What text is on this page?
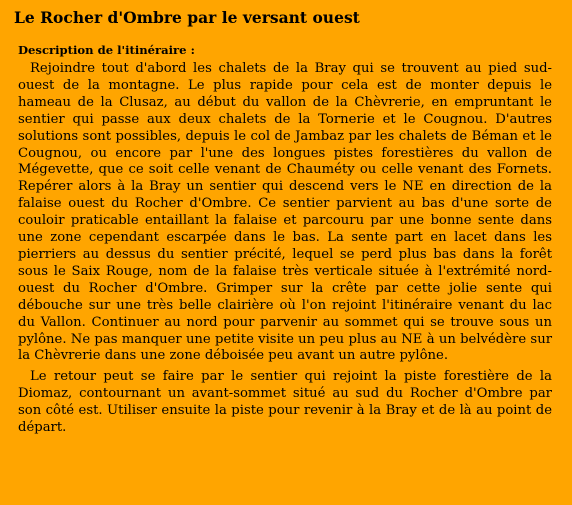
Le Rocher d'Ombre par le versant ouest
Description de l'itinéraire :

Rejoindre tout d'abord les chalets de la Bray qui se trouvent au pied sud-ouest de la montagne. Le plus rapide pour cela est de monter depuis le hameau de la Clusaz, au début du vallon de la Chèvrerie, en empruntant le sentier qui passe aux deux chalets de la Tornerie et le Cougnou. D'autres solutions sont possibles, depuis le col de Jambaz par les chalets de Béman et le Cougnou, ou encore par l'une des longues pistes forestières du vallon de Mégevette, que ce soit celle venant de Chauméty ou celle venant des Fornets. Repérer alors à la Bray un sentier qui descend vers le NE en direction de la falaise ouest du Rocher d'Ombre. Ce sentier parvient au bas d'une sorte de couloir praticable entaillant la falaise et parcouru par une bonne sente dans une zone cependant escarpée dans le bas. La sente part en lacet dans les pierriers au dessus du sentier précité, lequel se perd plus bas dans la forêt sous le Saix Rouge, nom de la falaise très verticale située à l'extrémité nord-ouest du Rocher d'Ombre. Grimper sur la crête par cette jolie sente qui débouche sur une très belle clairière où l'on rejoint l'itinéraire venant du lac du Vallon. Continuer au nord pour parvenir au sommet qui se trouve sous un pylône. Ne pas manquer une petite visite un peu plus au NE à un belvédère sur la Chèvrerie dans une zone déboisée peu avant un autre pylône.

Le retour peut se faire par le sentier qui rejoint la piste forestière de la Diomaz, contournant un avant-sommet situé au sud du Rocher d'Ombre par son côté est. Utiliser ensuite la piste pour revenir à la Bray et de là au point de départ.
